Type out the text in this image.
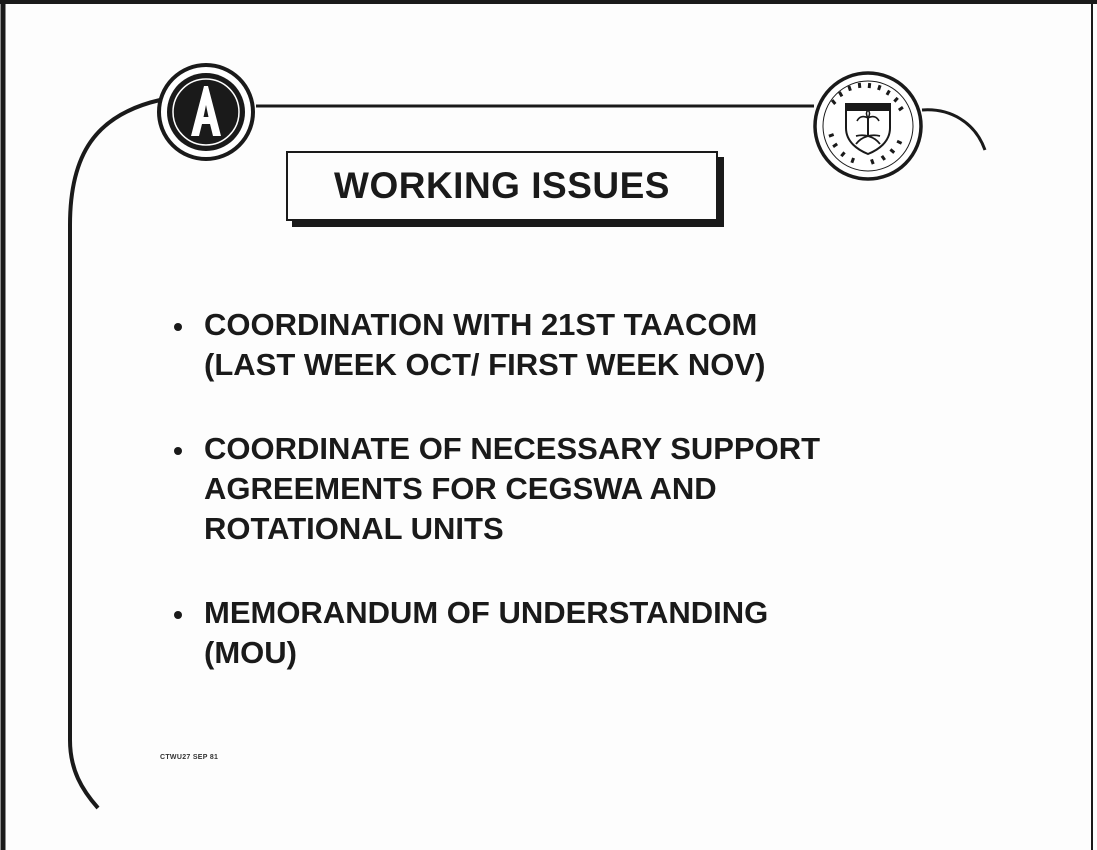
WORKING ISSUES
COORDINATION WITH 21ST TAACOM
(LAST WEEK OCT/ FIRST WEEK NOV)
COORDINATE OF NECESSARY SUPPORT
AGREEMENTS FOR CEGSWA AND
ROTATIONAL UNITS
MEMORANDUM OF UNDERSTANDING
(MOU)
CTWU27 SEP 81
